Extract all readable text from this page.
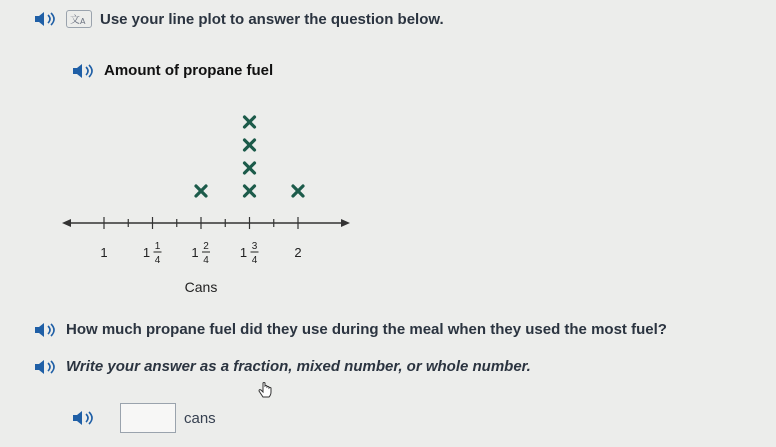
文 A Use your line plot to answer the question below.
Amount of propane fuel
1	1 1
4
1 2
4
1 3
4
2
Cans
How much propane fuel did they use during the meal when they used the most fuel?
Write your answer as a fraction, mixed number, or whole number.
cans
